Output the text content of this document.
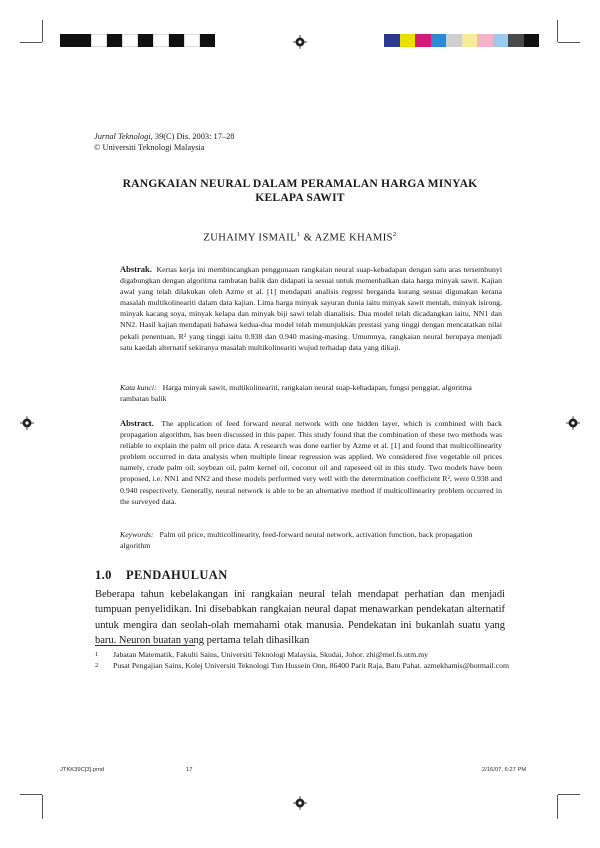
Jurnal Teknologi, 39(C) Dis. 2003: 17–28
© Universiti Teknologi Malaysia
RANGKAIAN NEURAL DALAM PERAMALAN HARGA MINYAK
KELAPA SAWIT
ZUHAIMY ISMAIL$^1$ & AZME KHAMIS$^2$
Abstrak. Kertas kerja ini membincangkan penggunaan rangkaian neural suap-kebadapan dengan satu aras tersembunyi digabungkan dengan algoritma rambatan balik dan didapati ia sesuai untuk memenhalkan data harga minyak sawit. Kajian awal yang telah dilakukan oleh Azme et al. [1] mendapati analisis regresi berganda kurang sesuai digunakan kerana masalah multikolineariti dalam data kajian. Lima harga minyak sayuran dunia iaitu minyak sawit mentah, minyak isirong, minyak kacang soya, minyak kelapa dan minyak biji sawi telah dianalisis. Dua model telah dicadangkan iaitu, NN1 dan NN2. Hasil kajian mendapati bahawa kedua-dua model telah menunjukkan prestasi yang tinggi dengan mencatatkan nilai pekali penentuan, R² yang tinggi iaitu 0.938 dan 0.940 masing-masing. Umumnya, rangkaian neural berupaya menjadi satu kaedah alternatif sekiranya masalah multikolineariti wujud terhadap data yang dikaji.
Kata kunci: Harga minyak sawit, multikolineariti, rangkaian neural suap-kehadapan, fungsi penggiat, algoritma rambatan balik
Abstract. The application of feed forward neural network with one hidden layer, which is combined with back propagation algorithm, has been discussed in this paper. This study found that the combination of these two methods was reliable to explain the palm oil price data. A research was done earlier by Azme et al. [1] and found that multicollinearity problem occurred in data analysis when multiple linear regression was applied. We considered five vegetable oil prices namely, crude palm oil, soybean oil, palm kernel oil, coconut oil and rapeseed oil in this study. Two models have been proposed, i.e. NN1 and NN2 and these models performed very well with the determination coefficient R², were 0.938 and 0.940 respectively. Generally, neural network is able to be an alternative method if multicollinearity problem occurred in the surveyed data.
Keywords: Palm oil price, multicollinearity, feed-forward neural network, activation function, back propagation algorithm
1.0 PENDAHULUAN
Beberapa tahun kebelakangan ini rangkaian neural telah mendapat perhatian dan menjadi tumpuan penyelidikan. Ini disebabkan rangkaian neural dapat menawarkan pendekatan alternatif untuk mengira dan seolah-olah memahami otak manusia. Pendekatan ini bukanlah suatu yang baru. Neuron buatan yang pertama telah dihasilkan
1 Jabatan Matematik, Fakulti Sains, Universiti Teknologi Malaysia, Skudai, Johor. zhi@mel.fs.utm.my
2 Pusat Pengajian Sains, Kolej Universiti Teknologi Tun Hussein Onn, 86400 Parit Raja, Batu Pahat. azmekhamis@hotmail.com
JTKK39C[3].pmd	17	2/16/07, 6:27 PM
